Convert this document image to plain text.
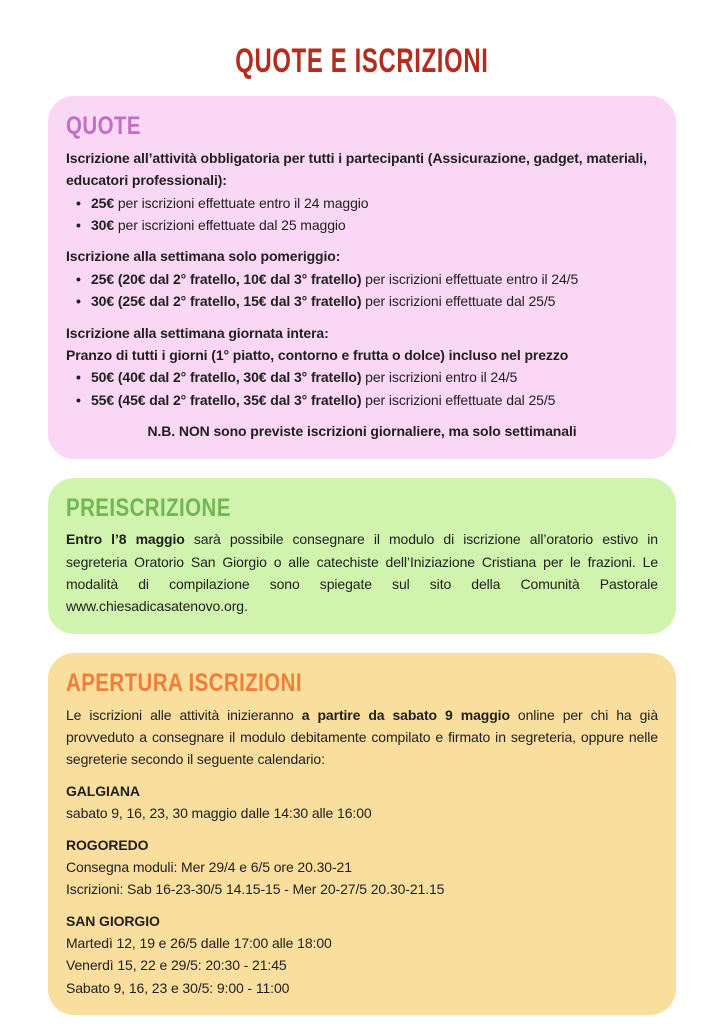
QUOTE E ISCRIZIONI
QUOTE

Iscrizione all’attività obbligatoria per tutti i partecipanti (Assicurazione, gadget, materiali, educatori professionali):

• 25€ per iscrizioni effettuate entro il 24 maggio
• 30€ per iscrizioni effettuate dal 25 maggio

Iscrizione alla settimana solo pomeriggio:

• 25€ (20€ dal 2° fratello, 10€ dal 3° fratello) per iscrizioni effettuate entro il 24/5
• 30€ (25€ dal 2° fratello, 15€ dal 3° fratello) per iscrizioni effettuate dal 25/5

Iscrizione alla settimana giornata intera:

Pranzo di tutti i giorni (1° piatto, contorno e frutta o dolce) incluso nel prezzo

• 50€ (40€ dal 2° fratello, 30€ dal 3° fratello) per iscrizioni entro il 24/5
• 55€ (45€ dal 2° fratello, 35€ dal 3° fratello) per iscrizioni effettuate dal 25/5

N.B. NON sono previste iscrizioni giornaliere, ma solo settimanali

PREISCRIZIONE

Entro l’8 maggio sarà possibile consegnare il modulo di iscrizione all’oratorio estivo in segreteria Oratorio San Giorgio o alle catechiste dell’Iniziazione Cristiana per le frazioni. Le modalità di compilazione sono spiegate sul sito della Comunità Pastorale www.chiesadicasatenovo.org.

APERTURA ISCRIZIONI

Le iscrizioni alle attività inizieranno a partire da sabato 9 maggio online per chi ha già provveduto a consegnare il modulo debitamente compilato e firmato in segreteria, oppure nelle segreterie secondo il seguente calendario:

GALGIANA

sabato 9, 16, 23, 30 maggio dalle 14:30 alle 16:00

ROGOREDO

Consegna moduli: Mer 29/4 e 6/5 ore 20.30-21

Iscrizioni: Sab 16-23-30/5 14.15-15 - Mer 20-27/5 20.30-21.15

SAN GIORGIO

Martedì 12, 19 e 26/5 dalle 17:00 alle 18:00

Venerdì 15, 22 e 29/5: 20:30 - 21:45

Sabato 9, 16, 23 e 30/5: 9:00 - 11:00
